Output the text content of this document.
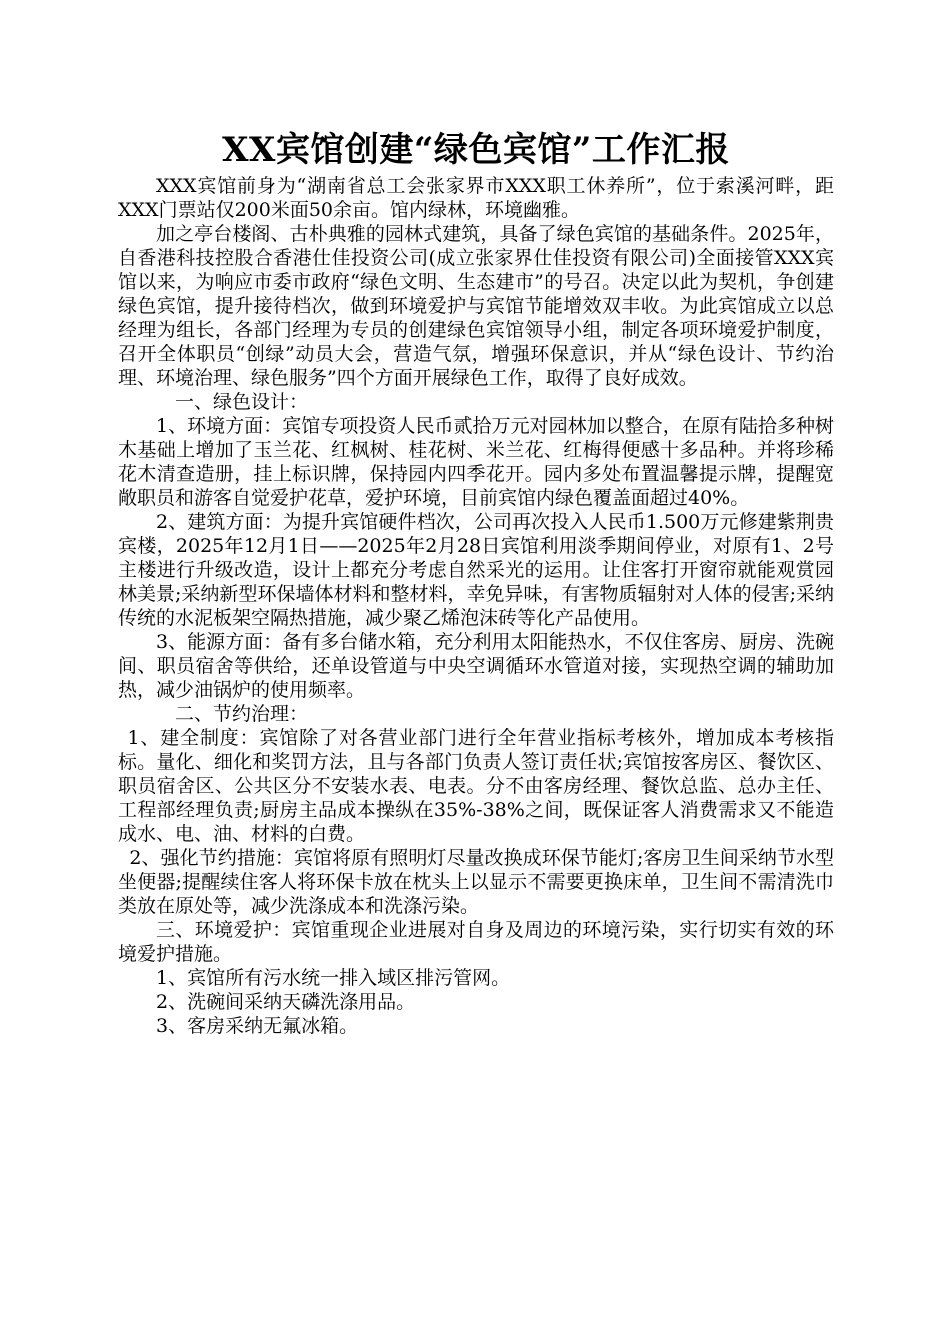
XX宾馆创建“绿色宾馆”工作汇报

XXX宾馆前身为“湖南省总工会张家界市XXX职工休养所”，位于索溪河畔，距XXX门票站仅200米面50余亩。馆内绿林，环境幽雅。

加之亭台楼阁、古朴典雅的园林式建筑，具备了绿色宾馆的基础条件。2025年，自香港科技控股合香港仕佳投资公司(成立张家界仕佳投资有限公司)全面接管XXX宾馆以来，为响应市委市政府“绿色文明、生态建市”的号召。决定以此为契机，争创建绿色宾馆，提升接待档次，做到环境爱护与宾馆节能增效双丰收。为此宾馆成立以总经理为组长，各部门经理为专员的创建绿色宾馆领导小组，制定各项环境爱护制度，召开全体职员“创绿”动员大会，营造气氛，增强环保意识，并从“绿色设计、节约治理、环境治理、绿色服务”四个方面开展绿色工作，取得了良好成效。

一、绿色设计：

1、环境方面：宾馆专项投资人民币贰拾万元对园林加以整合，在原有陆拾多种树木基础上增加了玉兰花、红枫树、桂花树、米兰花、红梅得便感十多品种。并将珍稀花木清查造册，挂上标识牌，保持园内四季花开。园内多处布置温馨提示牌，提醒宽敞职员和游客自觉爱护花草，爱护环境，目前宾馆内绿色覆盖面超过40%。

2、建筑方面：为提升宾馆硬件档次，公司再次投入人民币1.500万元修建紫荆贵宾楼，2025年12月1日——2025年2月28日宾馆利用淡季期间停业，对原有1、2号主楼进行升级改造，设计上都充分考虑自然采光的运用。让住客打开窗帘就能观赏园林美景;采纳新型环保墙体材料和整材料，幸免异味，有害物质辐射对人体的侵害;采纳传统的水泥板架空隔热措施，减少聚乙烯泡沫砖等化产品使用。

3、能源方面：备有多台储水箱，充分利用太阳能热水，不仅住客房、厨房、洗碗间、职员宿舍等供给，还单设管道与中央空调循环水管道对接，实现热空调的辅助加热，减少油锅炉的使用频率。

二、节约治理：

1、建全制度：宾馆除了对各营业部门进行全年营业指标考核外，增加成本考核指标。量化、细化和奖罚方法，且与各部门负责人签订责任状;宾馆按客房区、餐饮区、职员宿舍区、公共区分不安装水表、电表。分不由客房经理、餐饮总监、总办主任、工程部经理负责;厨房主品成本操纵在35%-38%之间，既保证客人消费需求又不能造成水、电、油、材料的白费。

2、强化节约措施：宾馆将原有照明灯尽量改换成环保节能灯;客房卫生间采纳节水型坐便器;提醒续住客人将环保卡放在枕头上以显示不需要更换床单，卫生间不需清洗巾类放在原处等，减少洗涤成本和洗涤污染。

三、环境爱护：宾馆重现企业进展对自身及周边的环境污染，实行切实有效的环境爱护措施。

1、宾馆所有污水统一排入域区排污管网。

2、洗碗间采纳天磷洗涤用品。

3、客房采纳无氟冰箱。
